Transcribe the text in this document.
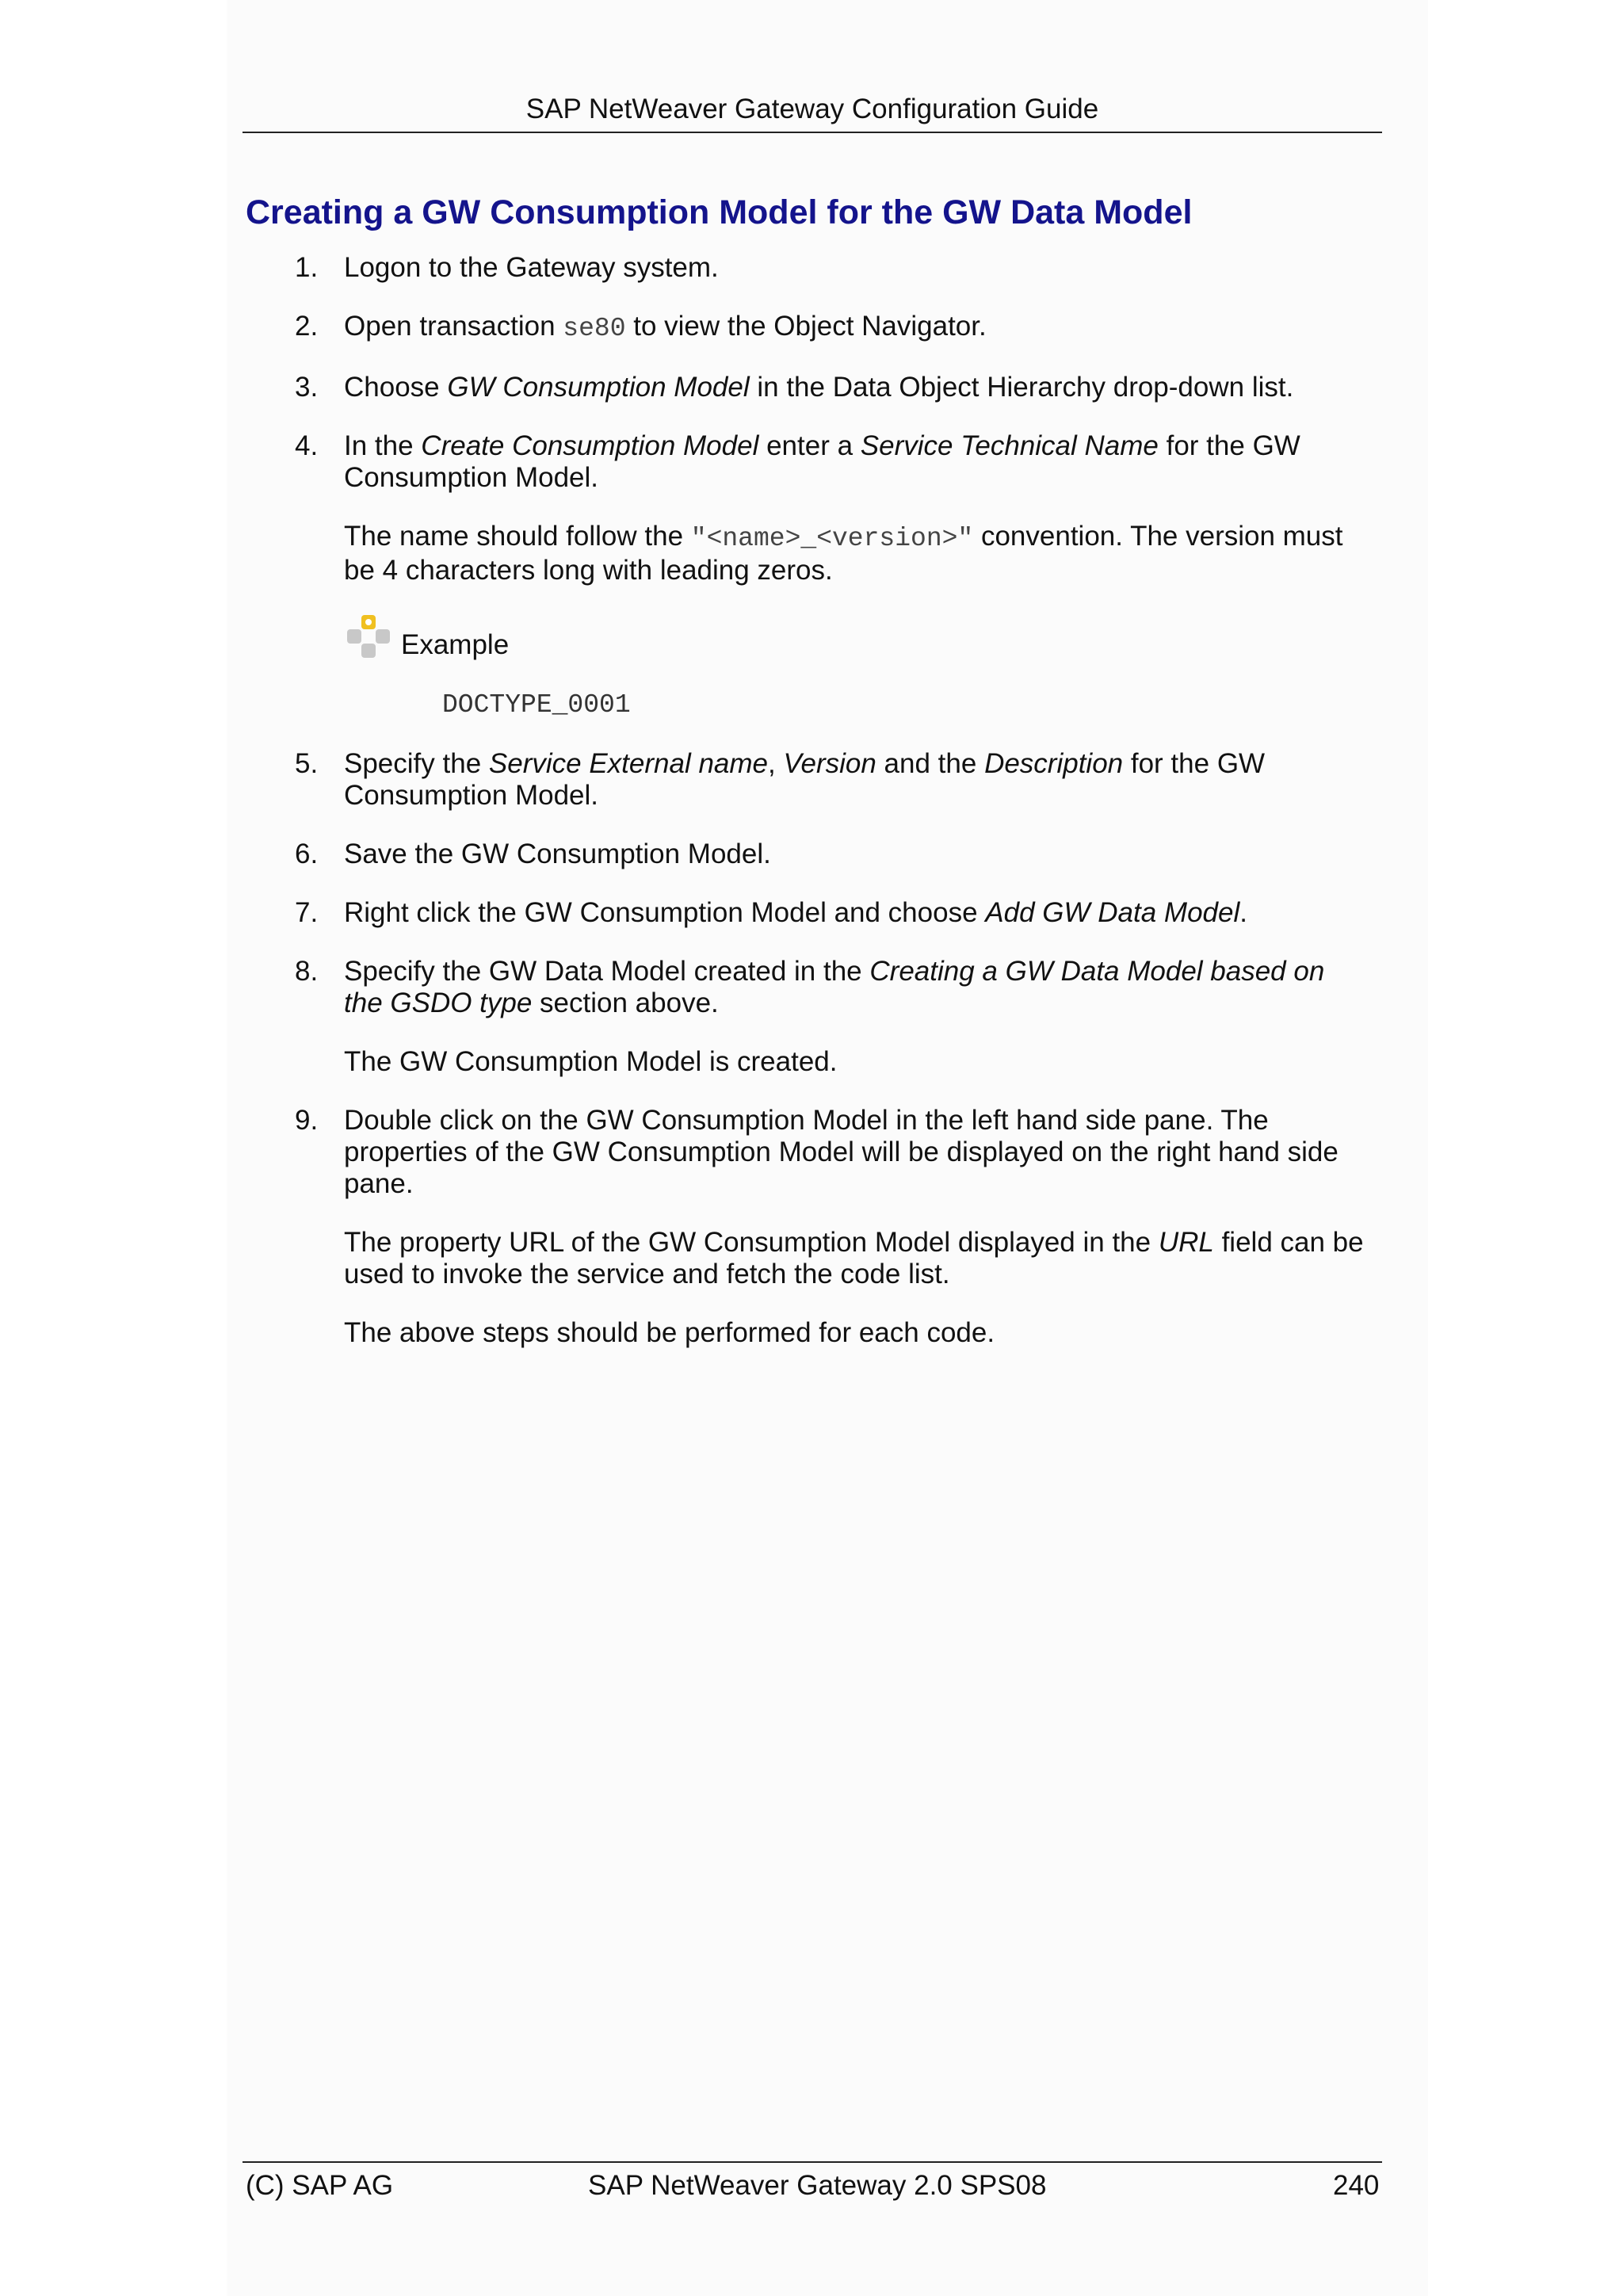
SAP NetWeaver Gateway Configuration Guide
Creating a GW Consumption Model for the GW Data Model
1. Logon to the Gateway system.
2. Open transaction se80 to view the Object Navigator.
3. Choose GW Consumption Model in the Data Object Hierarchy drop-down list.
4. In the Create Consumption Model enter a Service Technical Name for the GW Consumption Model.
The name should follow the "<name>_<version>" convention. The version must be 4 characters long with leading zeros.
Example
DOCTYPE_0001
5. Specify the Service External name, Version and the Description for the GW Consumption Model.
6. Save the GW Consumption Model.
7. Right click the GW Consumption Model and choose Add GW Data Model.
8. Specify the GW Data Model created in the Creating a GW Data Model based on the GSDO type section above.
The GW Consumption Model is created.
9. Double click on the GW Consumption Model in the left hand side pane. The properties of the GW Consumption Model will be displayed on the right hand side pane.
The property URL of the GW Consumption Model displayed in the URL field can be used to invoke the service and fetch the code list.
The above steps should be performed for each code.
(C) SAP AG	SAP NetWeaver Gateway 2.0 SPS08	240
